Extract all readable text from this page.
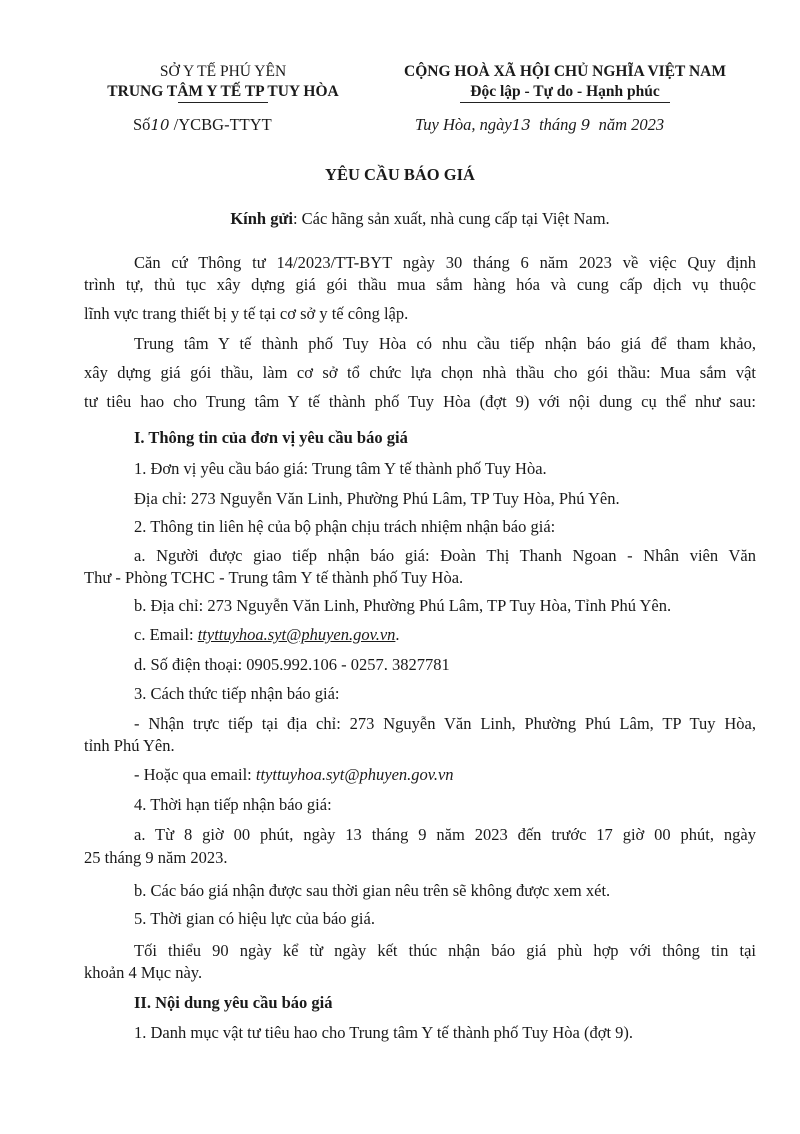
SỞ Y TẾ PHÚ YÊN
TRUNG TÂM Y TẾ TP TUY HÒA
CỘNG HOÀ XÃ HỘI CHỦ NGHĨA VIỆT NAM
Độc lập - Tự do - Hạnh phúc
Số10 /YCBG-TTYT	Tuy Hòa, ngày13 tháng 9 năm 2023
YÊU CẦU BÁO GIÁ
Kính gửi: Các hãng sản xuất, nhà cung cấp tại Việt Nam.
Căn cứ Thông tư 14/2023/TT-BYT ngày 30 tháng 6 năm 2023 về việc Quy định
trình tự, thủ tục xây dựng giá gói thầu mua sắm hàng hóa và cung cấp dịch vụ thuộc
lĩnh vực trang thiết bị y tế tại cơ sở y tế công lập.
Trung tâm Y tế thành phố Tuy Hòa có nhu cầu tiếp nhận báo giá để tham khảo,
xây dựng giá gói thầu, làm cơ sở tổ chức lựa chọn nhà thầu cho gói thầu: Mua sắm vật
tư tiêu hao cho Trung tâm Y tế thành phố Tuy Hòa (đợt 9) với nội dung cụ thể như sau:
I. Thông tin của đơn vị yêu cầu báo giá
1. Đơn vị yêu cầu báo giá: Trung tâm Y tế thành phố Tuy Hòa.
Địa chỉ: 273 Nguyễn Văn Linh, Phường Phú Lâm, TP Tuy Hòa, Phú Yên.
2. Thông tin liên hệ của bộ phận chịu trách nhiệm nhận báo giá:
a. Người được giao tiếp nhận báo giá: Đoàn Thị Thanh Ngoan - Nhân viên Văn
Thư - Phòng TCHC - Trung tâm Y tế thành phố Tuy Hòa.
b. Địa chỉ: 273 Nguyễn Văn Linh, Phường Phú Lâm, TP Tuy Hòa, Tỉnh Phú Yên.
c. Email: ttyttuyhoa.syt@phuyen.gov.vn.
d. Số điện thoại: 0905.992.106 - 0257. 3827781
3. Cách thức tiếp nhận báo giá:
- Nhận trực tiếp tại địa chỉ: 273 Nguyễn Văn Linh, Phường Phú Lâm, TP Tuy Hòa,
tỉnh Phú Yên.
- Hoặc qua email: ttyttuyhoa.syt@phuyen.gov.vn
4. Thời hạn tiếp nhận báo giá:
a. Từ 8 giờ 00 phút, ngày 13 tháng 9 năm 2023 đến trước 17 giờ 00 phút, ngày
25 tháng 9 năm 2023.
b. Các báo giá nhận được sau thời gian nêu trên sẽ không được xem xét.
5. Thời gian có hiệu lực của báo giá.
Tối thiểu 90 ngày kể từ ngày kết thúc nhận báo giá phù hợp với thông tin tại
khoản 4 Mục này.
II. Nội dung yêu cầu báo giá
1. Danh mục vật tư tiêu hao cho Trung tâm Y tế thành phố Tuy Hòa (đợt 9).
